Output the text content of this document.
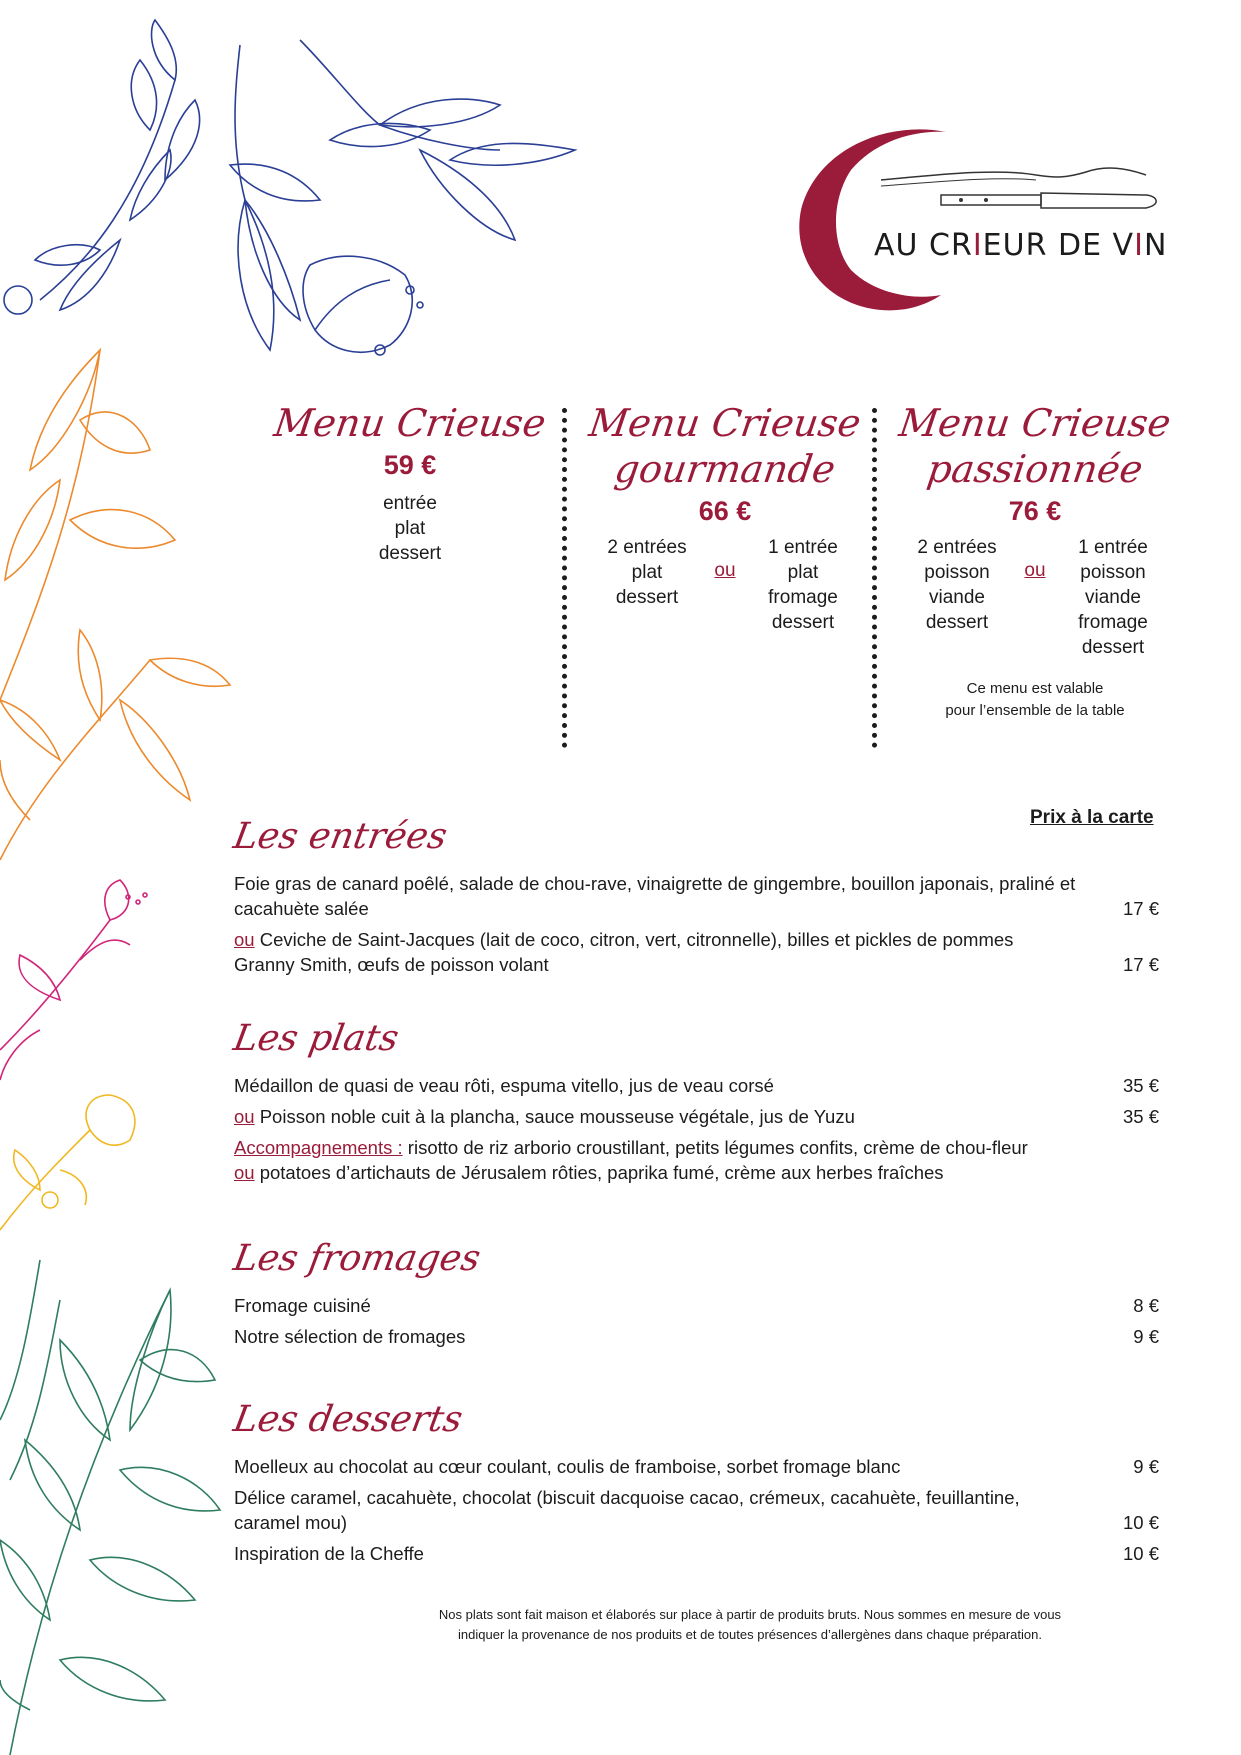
AU CRIEUR DE VIN
Menu Crieuse
59 €
entrée
plat
dessert
Menu Crieuse
gourmande
66 €
2 entrées
plat
dessert
ou
1 entrée
plat
fromage
dessert
Menu Crieuse
passionnée
76 €
2 entrées
poisson
viande
dessert
ou
1 entrée
poisson
viande
fromage
dessert
Ce menu est valable
pour l’ensemble de la table
Prix à la carte
Les entrées
Foie gras de canard poêlé, salade de chou-rave, vinaigrette de gingembre, bouillon japonais, praliné et cacahuète salée	17 €
ou Ceviche de Saint-Jacques (lait de coco, citron, vert, citronnelle), billes et pickles de pommes Granny Smith, œufs de poisson volant	17 €
Les plats
Médaillon de quasi de veau rôti, espuma vitello, jus de veau corsé	35 €
ou Poisson noble cuit à la plancha, sauce mousseuse végétale, jus de Yuzu	35 €
Accompagnements : risotto de riz arborio croustillant, petits légumes confits, crème de chou-fleur
ou potatoes d’artichauts de Jérusalem rôties, paprika fumé, crème aux herbes fraîches
Les fromages
Fromage cuisiné	8 €
Notre sélection de fromages	9 €
Les desserts
Moelleux au chocolat au cœur coulant, coulis de framboise, sorbet fromage blanc	9 €
Délice caramel, cacahuète, chocolat (biscuit dacquoise cacao, crémeux, cacahuète, feuillantine, caramel mou)	10 €
Inspiration de la Cheffe	10 €
Nos plats sont fait maison et élaborés sur place à partir de produits bruts. Nous sommes en mesure de vous
indiquer la provenance de nos produits et de toutes présences d’allergènes dans chaque préparation.
